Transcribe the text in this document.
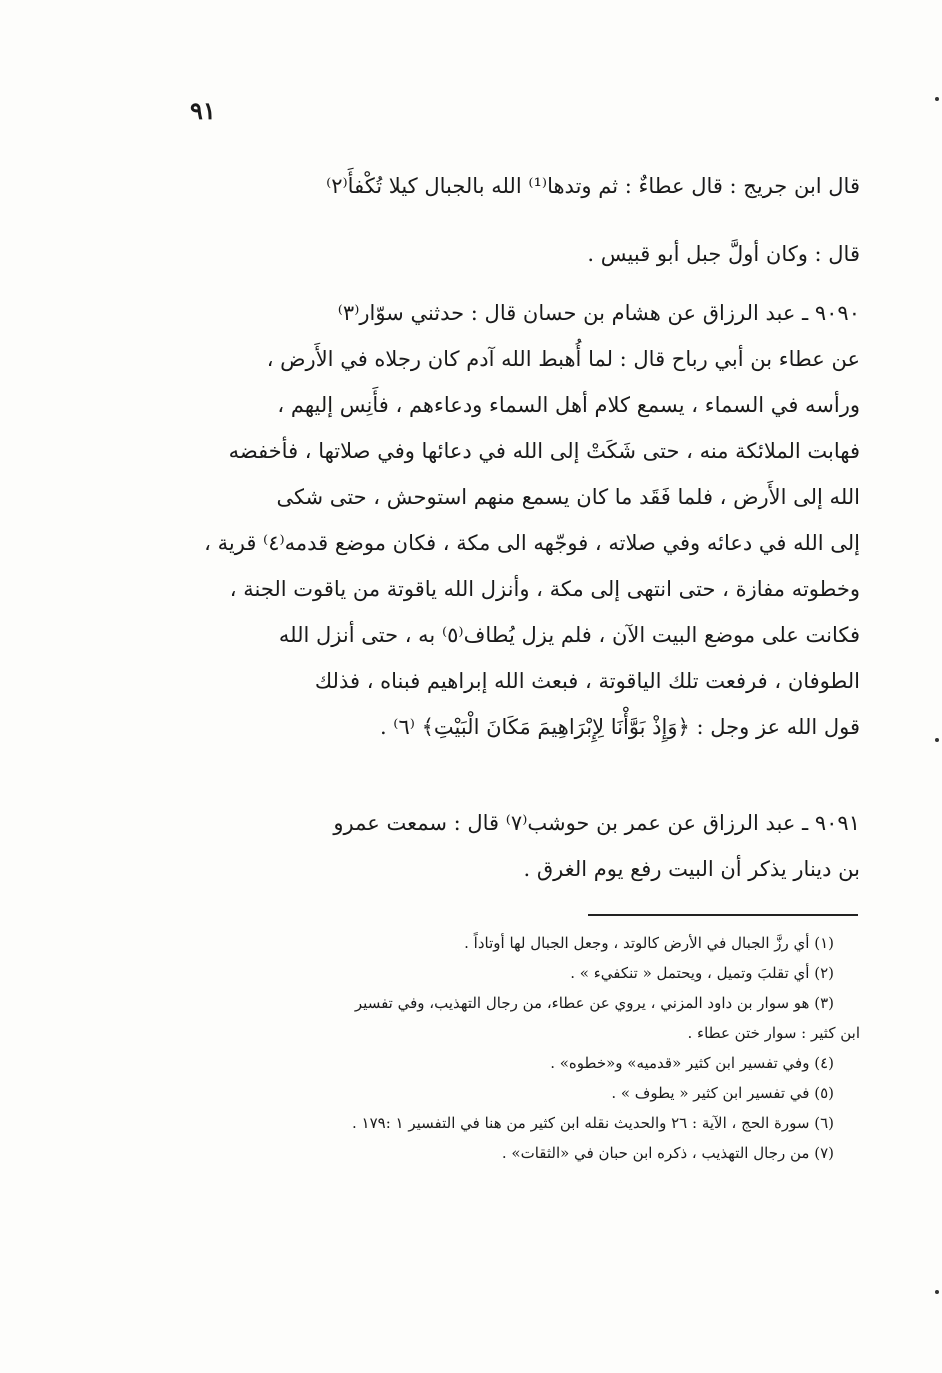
٩١
قال ابن جريج : قال عطاءٌ : ثم وتدها⁽¹⁾ الله بالجبال كيلا تُكْفأَ⁽٢⁾
قال : وكان أولَّ جبل أبو قبيس .
٩٠٩٠ ـ عبد الرزاق عن هشام بن حسان قال : حدثني سوّار⁽٣⁾
عن عطاء بن أبي رباح قال : لما أُهبط الله آدم كان رجلاه في الأَرض ،
ورأسه في السماء ، يسمع كلام أهل السماء ودعاءهم ، فأَنِس إليهم ،
فهابت الملائكة منه ، حتى شَكَتْ إلى الله في دعائها وفي صلاتها ، فأخفضه
الله إلى الأَرض ، فلما فَقَد ما كان يسمع منهم استوحش ، حتى شكى
إلى الله في دعائه وفي صلاته ، فوجّهه الى مكة ، فكان موضع قدمه⁽٤⁾ قرية ،
وخطوته مفازة ، حتى انتهى إلى مكة ، وأنزل الله ياقوتة من ياقوت الجنة ،
فكانت على موضع البيت الآن ، فلم يزل يُطاف⁽٥⁾ به ، حتى أنزل الله
الطوفان ، فرفعت تلك الياقوتة ، فبعث الله إبراهيم فبناه ، فذلك
قول الله عز وجل : ﴿وَإِذْ بَوَّأْنَا لِإِبْرَاهِيمَ مَكَانَ الْبَيْتِ﴾ ⁽٦⁾ .
٩٠٩١ ـ عبد الرزاق عن عمر بن حوشب⁽٧⁾ قال : سمعت عمرو
بن دينار يذكر أن البيت رفع يوم الغرق .
(١) أي رزَّ الجبال في الأرض كالوتد ، وجعل الجبال لها أوتاداً .
(٢) أي تقلبَ وتميل ، ويحتمل « تنكفيء » .
(٣) هو سوار بن داود المزني ، يروي عن عطاء، من رجال التهذيب، وفي تفسير
ابن كثير : سوار ختن عطاء .
(٤) وفي تفسير ابن كثير «قدميه» و«خطوه» .
(٥) في تفسير ابن كثير « يطوف » .
(٦) سورة الحج ، الآية : ٢٦ والحديث نقله ابن كثير من هنا في التفسير ١ :١٧٩ .
(٧) من رجال التهذيب ، ذكره ابن حبان في «الثقات» .
